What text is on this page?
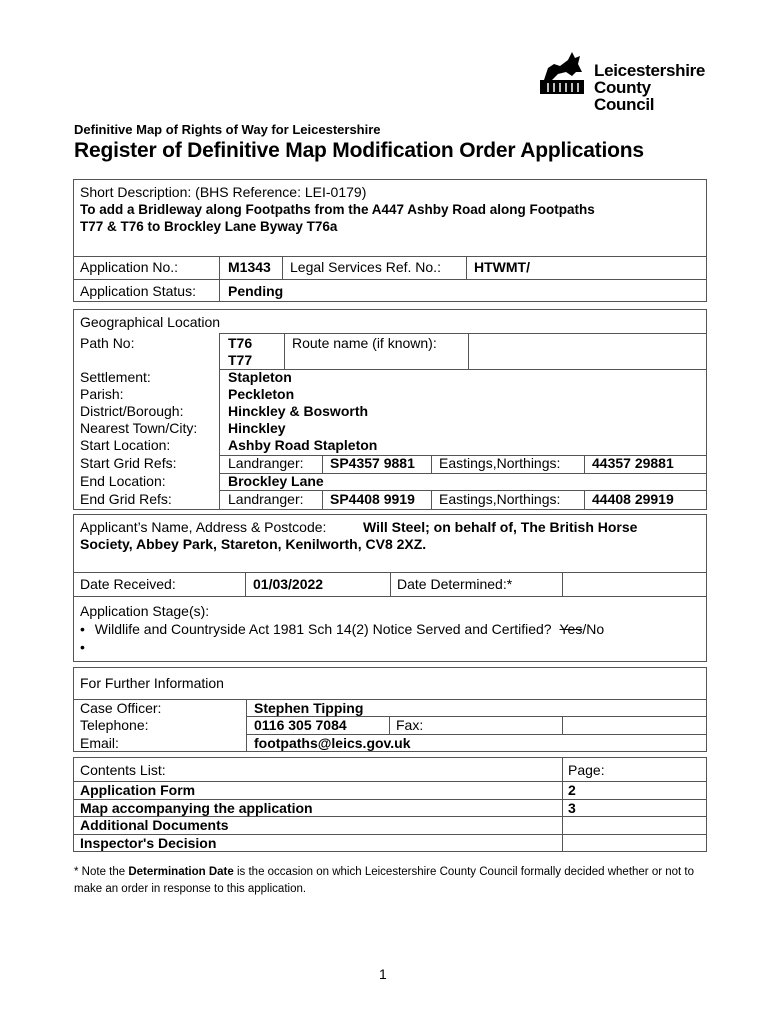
Leicestershire
County Council
Definitive Map of Rights of Way for Leicestershire
Register of Definitive Map Modification Order Applications
Short Description: (BHS Reference: LEI-0179)
To add a Bridleway along Footpaths from the A447 Ashby Road along Footpaths
T77 & T76 to Brockley Lane Byway T76a
Application No.:	M1343 Legal Services Ref. No.: HTWMT/
Application Status: Pending
Geographical Location
Path No:	T76
T77
Route name (if known):
Settlement:	Stapleton
Parish:	Peckleton
District/Borough:	Hinckley & Bosworth
Nearest Town/City: Hinckley
Start Location:	Ashby Road Stapleton
Start Grid Refs:	Landranger: SP4357 9881 Eastings,Northings: 44357 29881
End Location:	Brockley Lane
End Grid Refs:	Landranger: SP4408 9919 Eastings,Northings: 44408 29919
Applicant’s Name, Address & Postcode:	Will Steel; on behalf of, The British Horse
Society, Abbey Park, Stareton, Kenilworth, CV8 2XZ.
Date Received:	01/03/2022	Date Determined:*
Application Stage(s):
• Wildlife and Countryside Act 1981 Sch 14(2) Notice Served and Certified? Yes/No
•
For Further Information
Case Officer:	Stephen Tipping
Telephone:	0116 305 7084	Fax:
Email:	footpaths@leics.gov.uk
Contents List:	Page:
Application Form	2
Map accompanying the application	3
Additional Documents
Inspector's Decision
* Note the Determination Date is the occasion on which Leicestershire County Council formally decided whether or not to make an order in response to this application.
1
